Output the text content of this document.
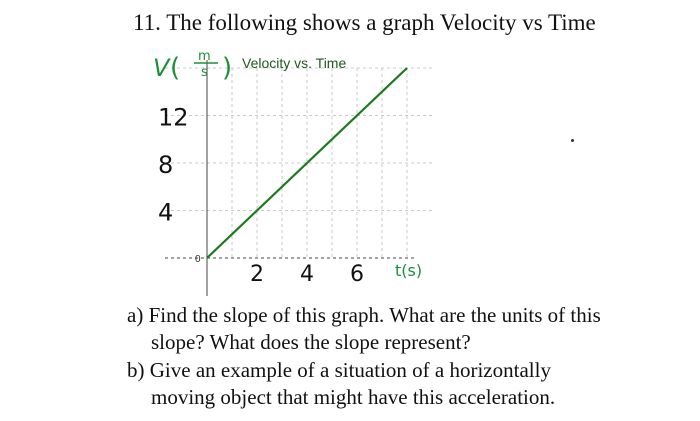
11. The following shows a graph Velocity vs Time
Velocity vs. Time
0
V ( m
s )
t(s)
4
8
12
2 4 6
a) Find the slope of this graph. What are the units of this
slope? What does the slope represent?
b) Give an example of a situation of a horizontally
moving object that might have this acceleration.
